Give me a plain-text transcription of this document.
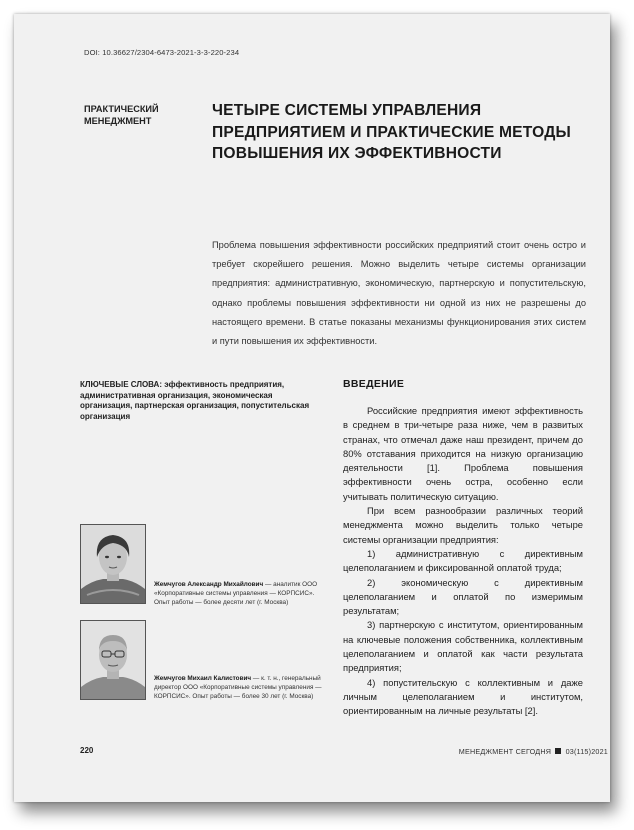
DOI: 10.36627/2304-6473-2021-3-3-220-234
ПРАКТИЧЕСКИЙ МЕНЕДЖМЕНТ
ЧЕТЫРЕ СИСТЕМЫ УПРАВЛЕНИЯ ПРЕДПРИЯТИЕМ И ПРАКТИЧЕСКИЕ МЕТОДЫ ПОВЫШЕНИЯ ИХ ЭФФЕКТИВНОСТИ
Проблема повышения эффективности российских предприятий стоит очень остро и требует скорейшего решения. Можно выделить четыре системы организации предприятия: административную, экономическую, партнерскую и попустительскую, однако проблемы повышения эффективности ни одной из них не разрешены до настоящего времени. В статье показаны механизмы функционирования этих систем и пути повышения их эффективности.
КЛЮЧЕВЫЕ СЛОВА: эффективность предприятия, административная организация, экономическая организация, партнерская организация, попустительская организация
ВВЕДЕНИЕ

Российские предприятия имеют эффективность в среднем в три-четыре раза ниже, чем в развитых странах, что отмечал даже наш президент, причем до 80% отставания приходится на низкую организацию деятельности [1]. Проблема повышения эффективности очень остра, особенно если учитывать политическую ситуацию.

При всем разнообразии различных теорий менеджмента можно выделить только четыре системы организации предприятия:

1) административную с директивным целеполаганием и фиксированной оплатой труда;

2) экономическую с директивным целеполаганием и оплатой по измеримым результатам;

3) партнерскую с институтом, ориентированным на ключевые положения собственника, коллективным целеполаганием и оплатой как части результата предприятия;

4) попустительскую с коллективным и даже личным целеполаганием и институтом, ориентированным на личные результаты [2].

Жемчугов Александр Михайлович — аналитик ООО «Корпоративные системы управления — КОРПСИС». Опыт работы — более десяти лет (г. Москва)
Жемчугов Михаил Калистович — к. т. н., генеральный директор ООО «Корпоративные системы управления — КОРПСИС». Опыт работы — более 30 лет (г. Москва)
220	МЕНЕДЖМЕНТ СЕГОДНЯ 03(115)2021
